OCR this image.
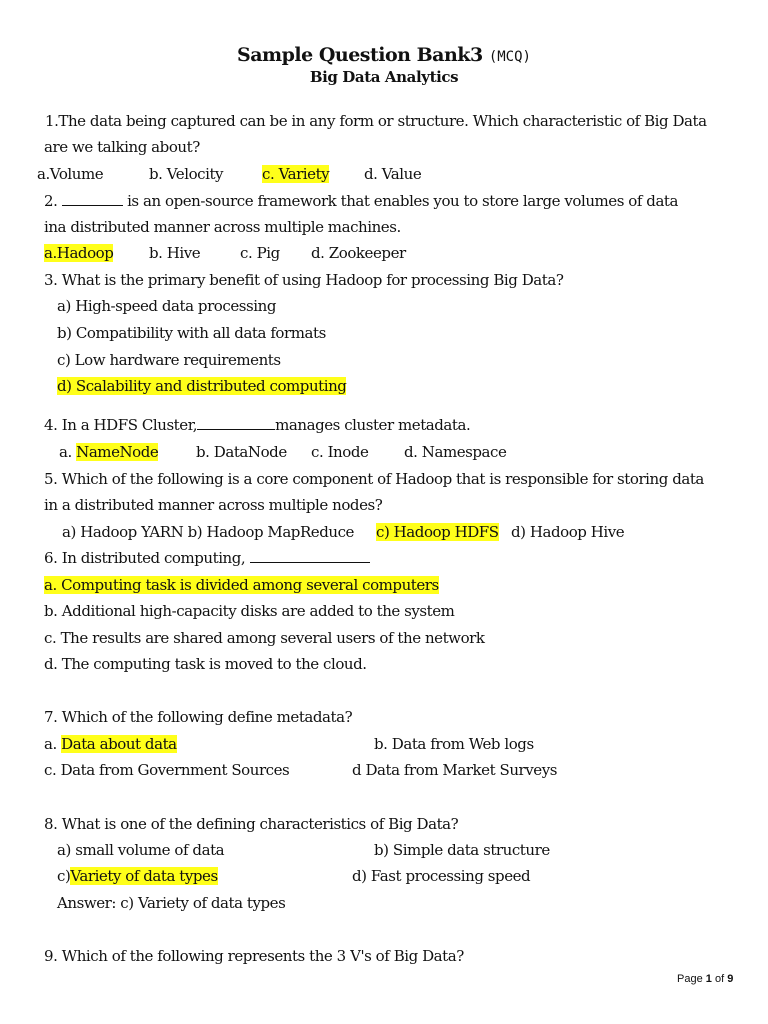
Sample Question Bank3 (MCQ)
Big Data Analytics
1.The data being captured can be in any form or structure. Which characteristic of Big Data
are we talking about?
a.Volume	b. Velocity	c. Variety d. Value
2.	is an open-source framework that enables you to store large volumes of data
ina distributed manner across multiple machines.
a.Hadoop b. Hive	c. Pig d. Zookeeper
3. What is the primary benefit of using Hadoop for processing Big Data?
a) High-speed data processing
b) Compatibility with all data formats
c) Low hardware requirements
d) Scalability and distributed computing
4. In a HDFS Cluster,	manages cluster metadata.
a. NameNode	b. DataNode c. Inode d. Namespace
5. Which of the following is a core component of Hadoop that is responsible for storing data
in a distributed manner across multiple nodes?
a) Hadoop YARN b) Hadoop MapReduce c) Hadoop HDFS d) Hadoop Hive
6. In distributed computing,
a. Computing task is divided among several computers
b. Additional high-capacity disks are added to the system
c. The results are shared among several users of the network
d. The computing task is moved to the cloud.
7. Which of the following define metadata?
a. Data about data	b. Data from Web logs
c. Data from Government Sources	d Data from Market Surveys
8. What is one of the defining characteristics of Big Data?
a) small volume of data	b) Simple data structure
c)Variety of data types	d) Fast processing speed
Answer: c) Variety of data types
9. Which of the following represents the 3 V's of Big Data?
Page 1 of 9
